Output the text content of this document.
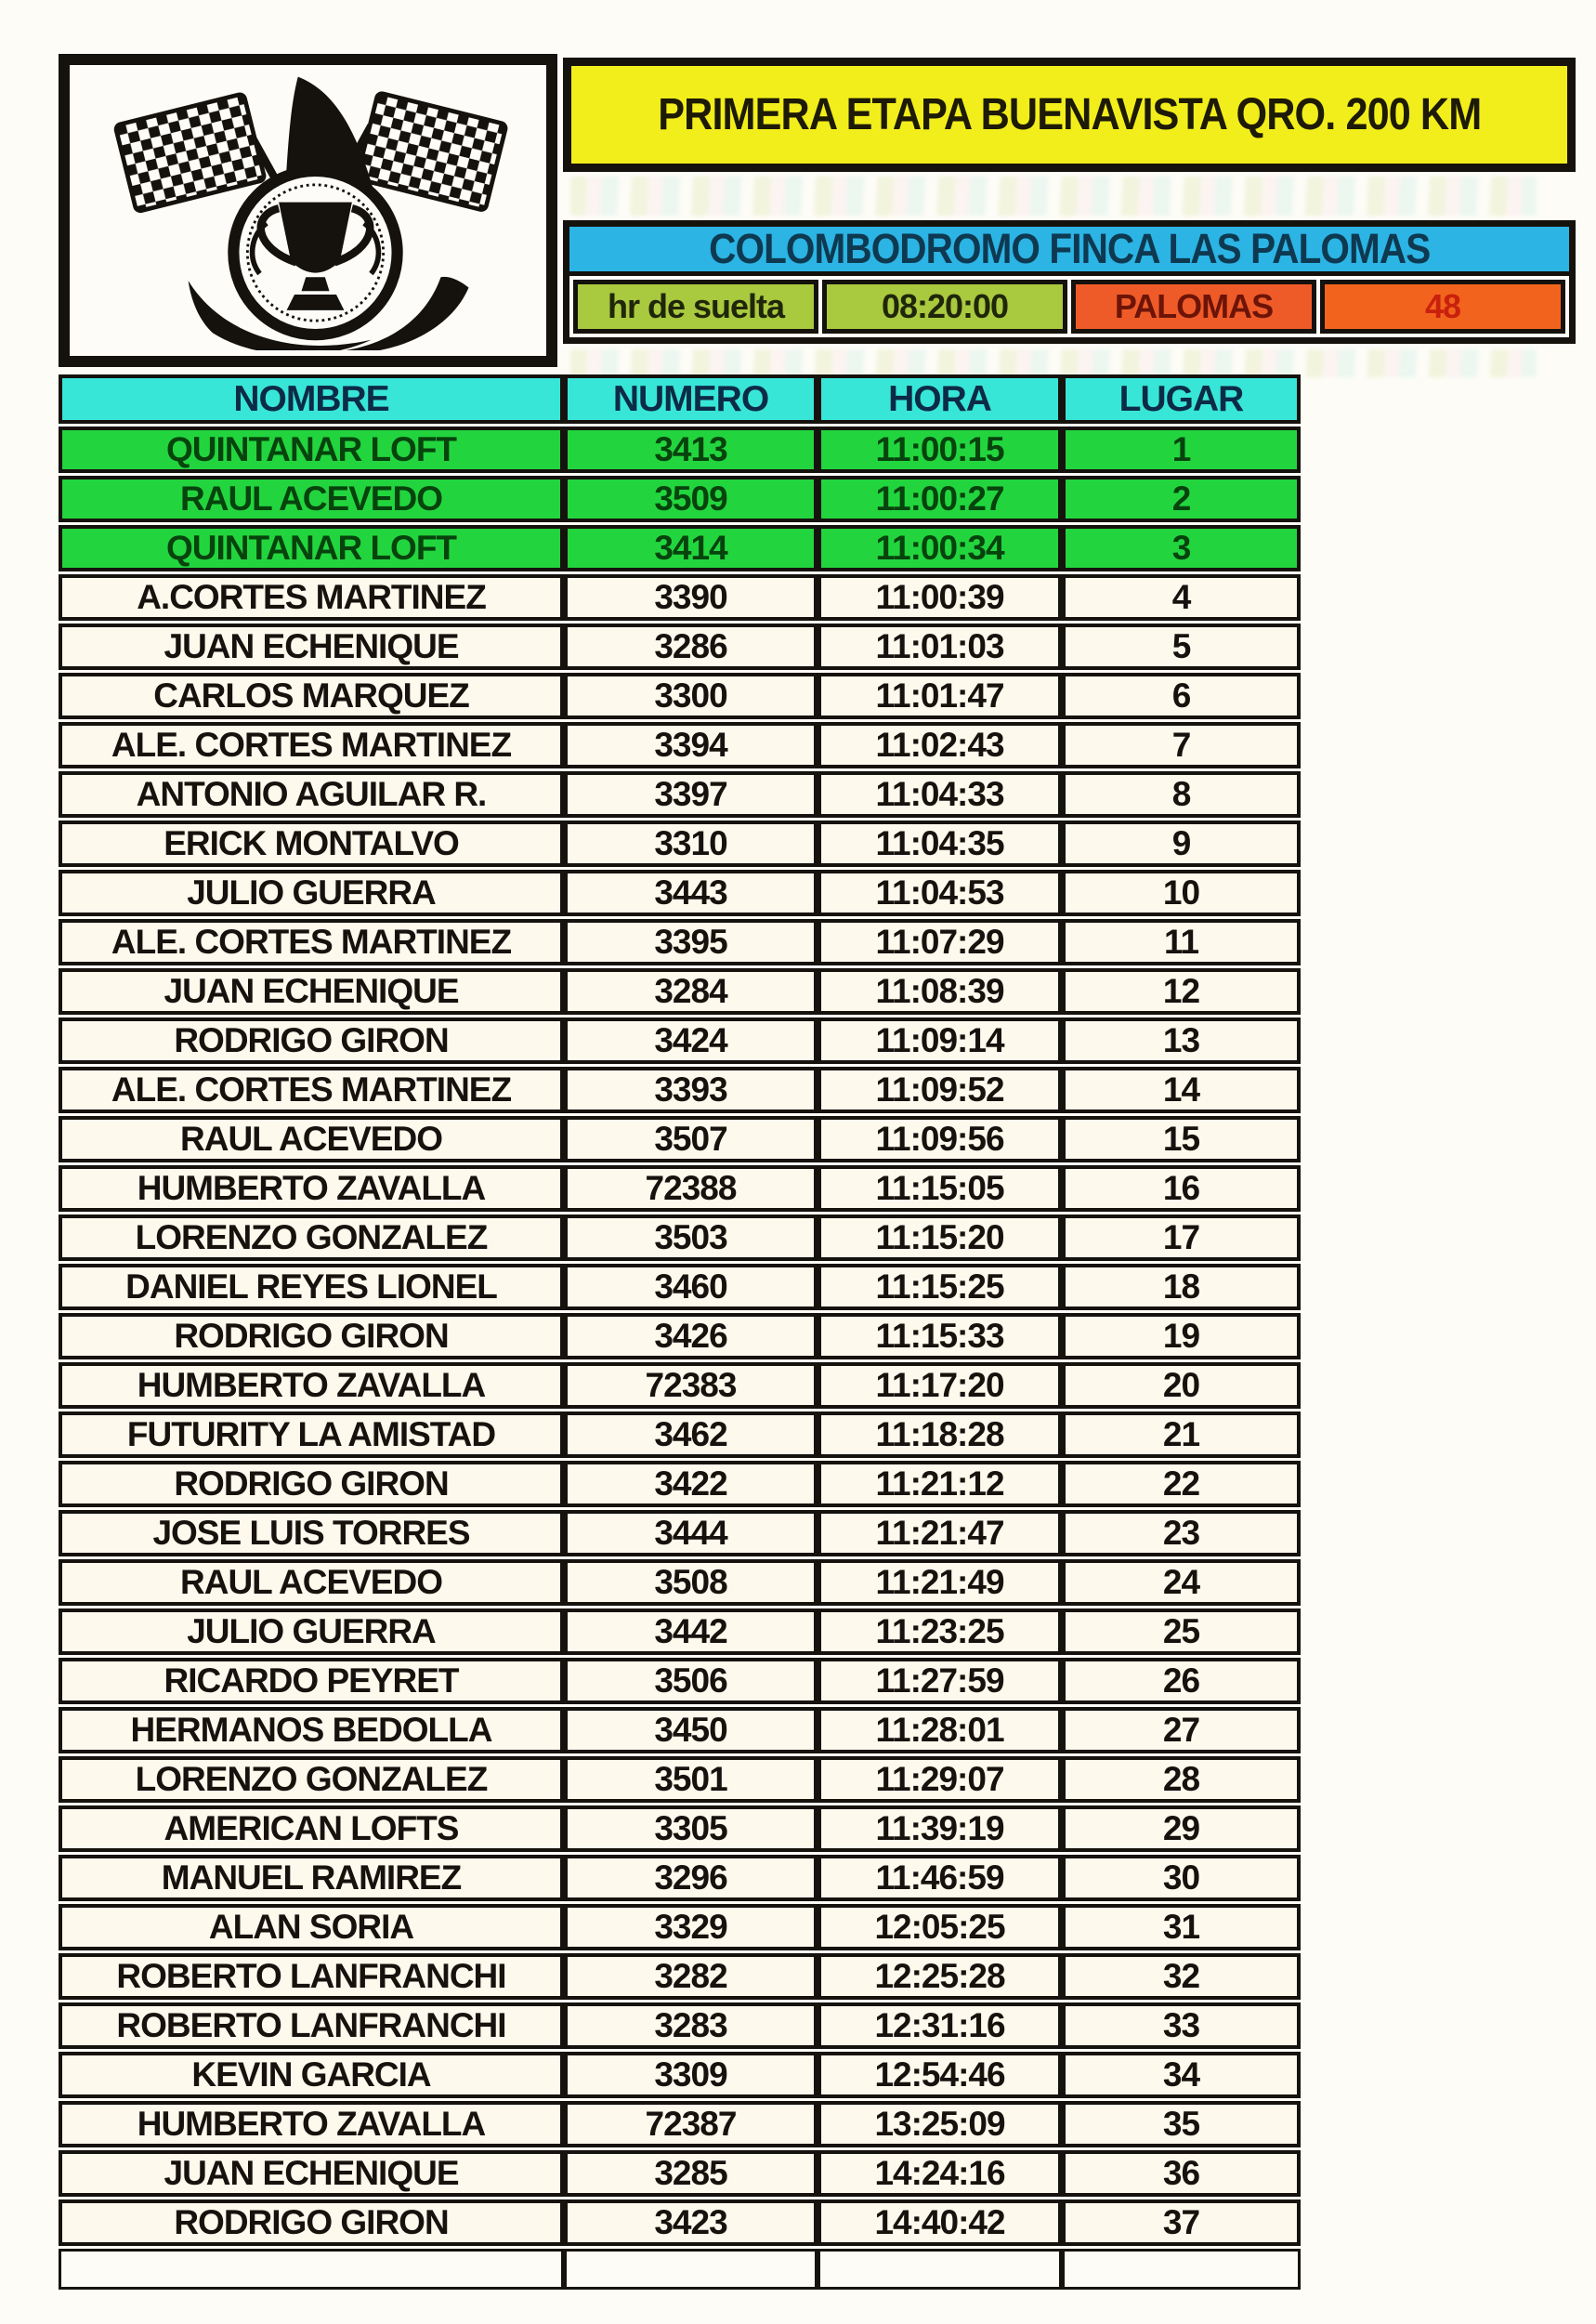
PRIMERA ETAPA BUENAVISTA QRO. 200 KM
COLOMBODROMO FINCA LAS PALOMAS
hr de suelta	08:20:00	PALOMAS	48
NOMBRE	NUMERO	HORA	LUGAR
QUINTANAR LOFT	3413	11:00:15	1
RAUL ACEVEDO	3509	11:00:27	2
QUINTANAR LOFT	3414	11:00:34	3
A.CORTES MARTINEZ	3390	11:00:39	4
JUAN ECHENIQUE	3286	11:01:03	5
CARLOS MARQUEZ	3300	11:01:47	6
ALE. CORTES MARTINEZ	3394	11:02:43	7
ANTONIO AGUILAR R.	3397	11:04:33	8
ERICK MONTALVO	3310	11:04:35	9
JULIO GUERRA	3443	11:04:53	10
ALE. CORTES MARTINEZ	3395	11:07:29	11
JUAN ECHENIQUE	3284	11:08:39	12
RODRIGO GIRON	3424	11:09:14	13
ALE. CORTES MARTINEZ	3393	11:09:52	14
RAUL ACEVEDO	3507	11:09:56	15
HUMBERTO ZAVALLA	72388	11:15:05	16
LORENZO GONZALEZ	3503	11:15:20	17
DANIEL REYES LIONEL	3460	11:15:25	18
RODRIGO GIRON	3426	11:15:33	19
HUMBERTO ZAVALLA	72383	11:17:20	20
FUTURITY LA AMISTAD	3462	11:18:28	21
RODRIGO GIRON	3422	11:21:12	22
JOSE LUIS TORRES	3444	11:21:47	23
RAUL ACEVEDO	3508	11:21:49	24
JULIO GUERRA	3442	11:23:25	25
RICARDO PEYRET	3506	11:27:59	26
HERMANOS BEDOLLA	3450	11:28:01	27
LORENZO GONZALEZ	3501	11:29:07	28
AMERICAN LOFTS	3305	11:39:19	29
MANUEL RAMIREZ	3296	11:46:59	30
ALAN SORIA	3329	12:05:25	31
ROBERTO LANFRANCHI	3282	12:25:28	32
ROBERTO LANFRANCHI	3283	12:31:16	33
KEVIN GARCIA	3309	12:54:46	34
HUMBERTO ZAVALLA	72387	13:25:09	35
JUAN ECHENIQUE	3285	14:24:16	36
RODRIGO GIRON	3423	14:40:42	37
